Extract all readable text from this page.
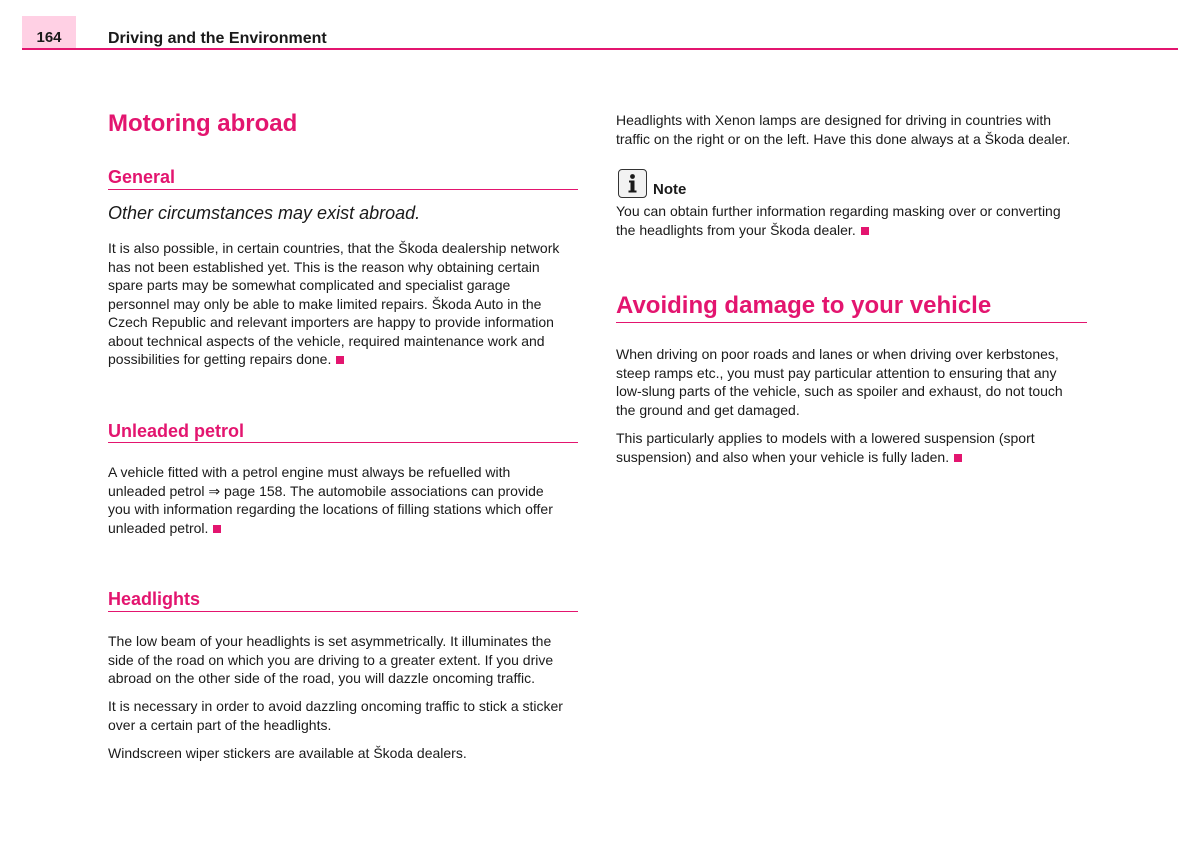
164	Driving and the Environment
Motoring abroad
General

Other circumstances may exist abroad.

It is also possible, in certain countries, that the Škoda dealership network
has not been established yet. This is the reason why obtaining certain
spare parts may be somewhat complicated and specialist garage
personnel may only be able to make limited repairs. Škoda Auto in the
Czech Republic and relevant importers are happy to provide information
about technical aspects of the vehicle, required maintenance work and
possibilities for getting repairs done.
Unleaded petrol
A vehicle fitted with a petrol engine must always be refuelled with
unleaded petrol ⇒ page 158. The automobile associations can provide
you with information regarding the locations of filling stations which offer
unleaded petrol.
Headlights
The low beam of your headlights is set asymmetrically. It illuminates the
side of the road on which you are driving to a greater extent. If you drive
abroad on the other side of the road, you will dazzle oncoming traffic.
It is necessary in order to avoid dazzling oncoming traffic to stick a sticker
over a certain part of the headlights.
Windscreen wiper stickers are available at Škoda dealers.
Headlights with Xenon lamps are designed for driving in countries with
traffic on the right or on the left. Have this done always at a Škoda dealer.
Note
You can obtain further information regarding masking over or converting
the headlights from your Škoda dealer.
Avoiding damage to your vehicle
When driving on poor roads and lanes or when driving over kerbstones,
steep ramps etc., you must pay particular attention to ensuring that any
low-slung parts of the vehicle, such as spoiler and exhaust, do not touch
the ground and get damaged.
This particularly applies to models with a lowered suspension (sport
suspension) and also when your vehicle is fully laden.
